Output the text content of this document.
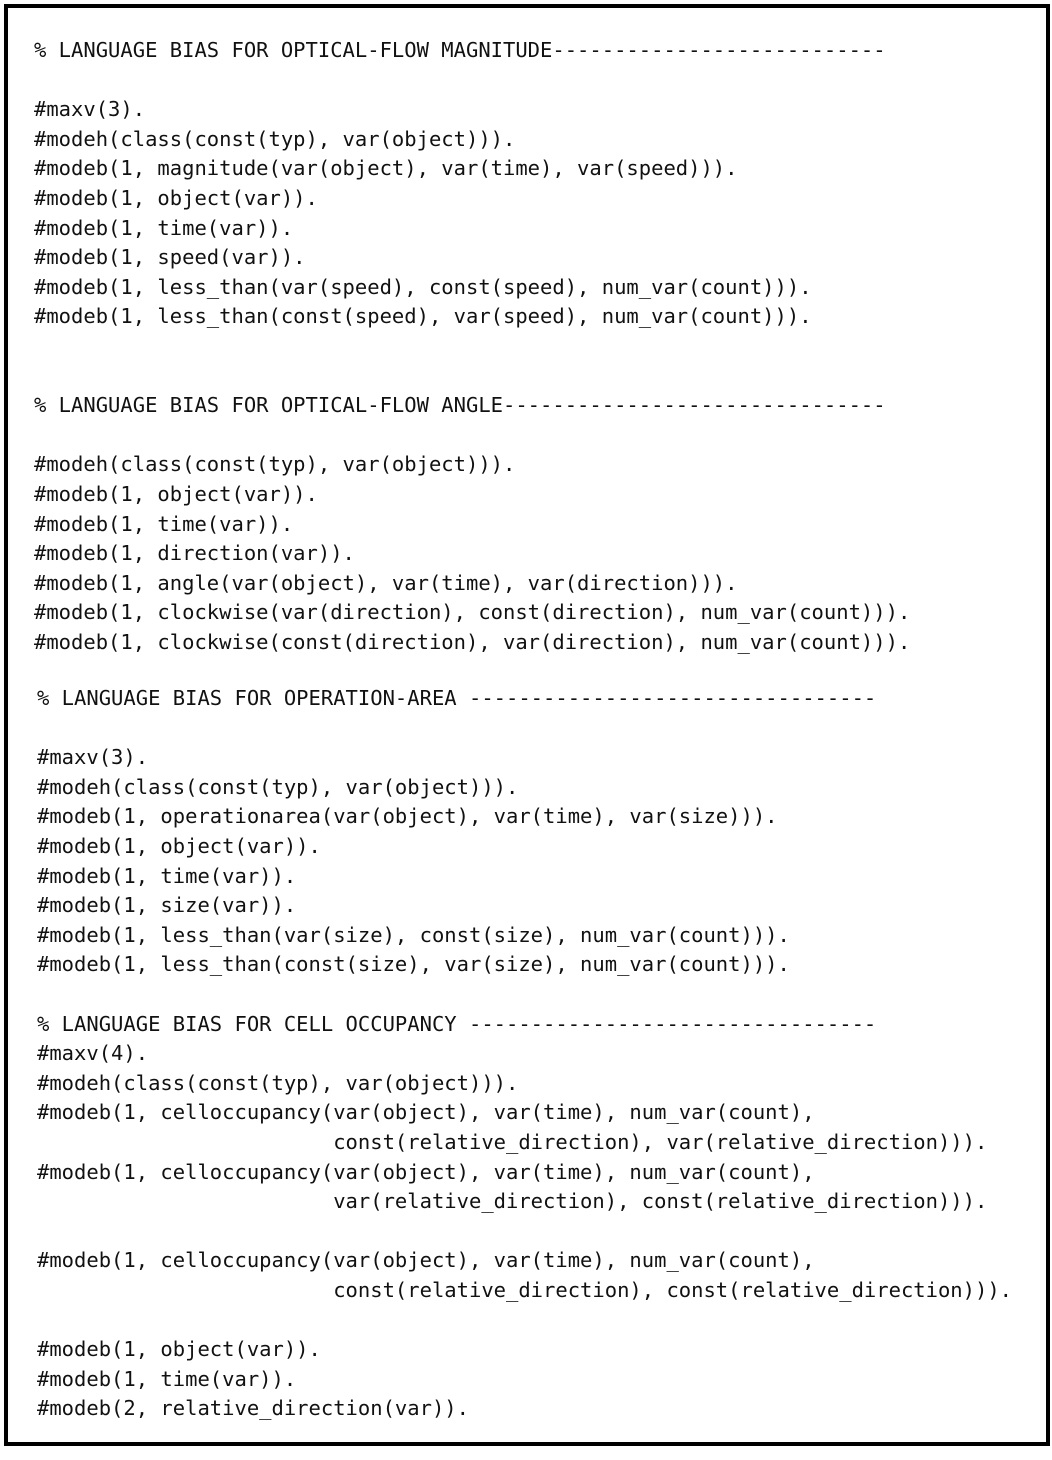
% LANGUAGE BIAS FOR OPTICAL-FLOW MAGNITUDE---------------------------
#maxv(3).
#modeh(class(const(typ), var(object))).
#modeb(1, magnitude(var(object), var(time), var(speed))).
#modeb(1, object(var)).
#modeb(1, time(var)).
#modeb(1, speed(var)).
#modeb(1, less_than(var(speed), const(speed), num_var(count))).
#modeb(1, less_than(const(speed), var(speed), num_var(count))).
% LANGUAGE BIAS FOR OPTICAL-FLOW ANGLE-------------------------------
#modeh(class(const(typ), var(object))).
#modeb(1, object(var)).
#modeb(1, time(var)).
#modeb(1, direction(var)).
#modeb(1, angle(var(object), var(time), var(direction))).
#modeb(1, clockwise(var(direction), const(direction), num_var(count))).
#modeb(1, clockwise(const(direction), var(direction), num_var(count))).
% LANGUAGE BIAS FOR OPERATION-AREA ---------------------------------
#maxv(3).
#modeh(class(const(typ), var(object))).
#modeb(1, operationarea(var(object), var(time), var(size))).
#modeb(1, object(var)).
#modeb(1, time(var)).
#modeb(1, size(var)).
#modeb(1, less_than(var(size), const(size), num_var(count))).
#modeb(1, less_than(const(size), var(size), num_var(count))).
% LANGUAGE BIAS FOR CELL OCCUPANCY ---------------------------------
#maxv(4).
#modeh(class(const(typ), var(object))).
#modeb(1, celloccupancy(var(object), var(time), num_var(count),
const(relative_direction), var(relative_direction))).
#modeb(1, celloccupancy(var(object), var(time), num_var(count),
var(relative_direction), const(relative_direction))).
#modeb(1, celloccupancy(var(object), var(time), num_var(count),
const(relative_direction), const(relative_direction))).
#modeb(1, object(var)).
#modeb(1, time(var)).
#modeb(2, relative_direction(var)).
